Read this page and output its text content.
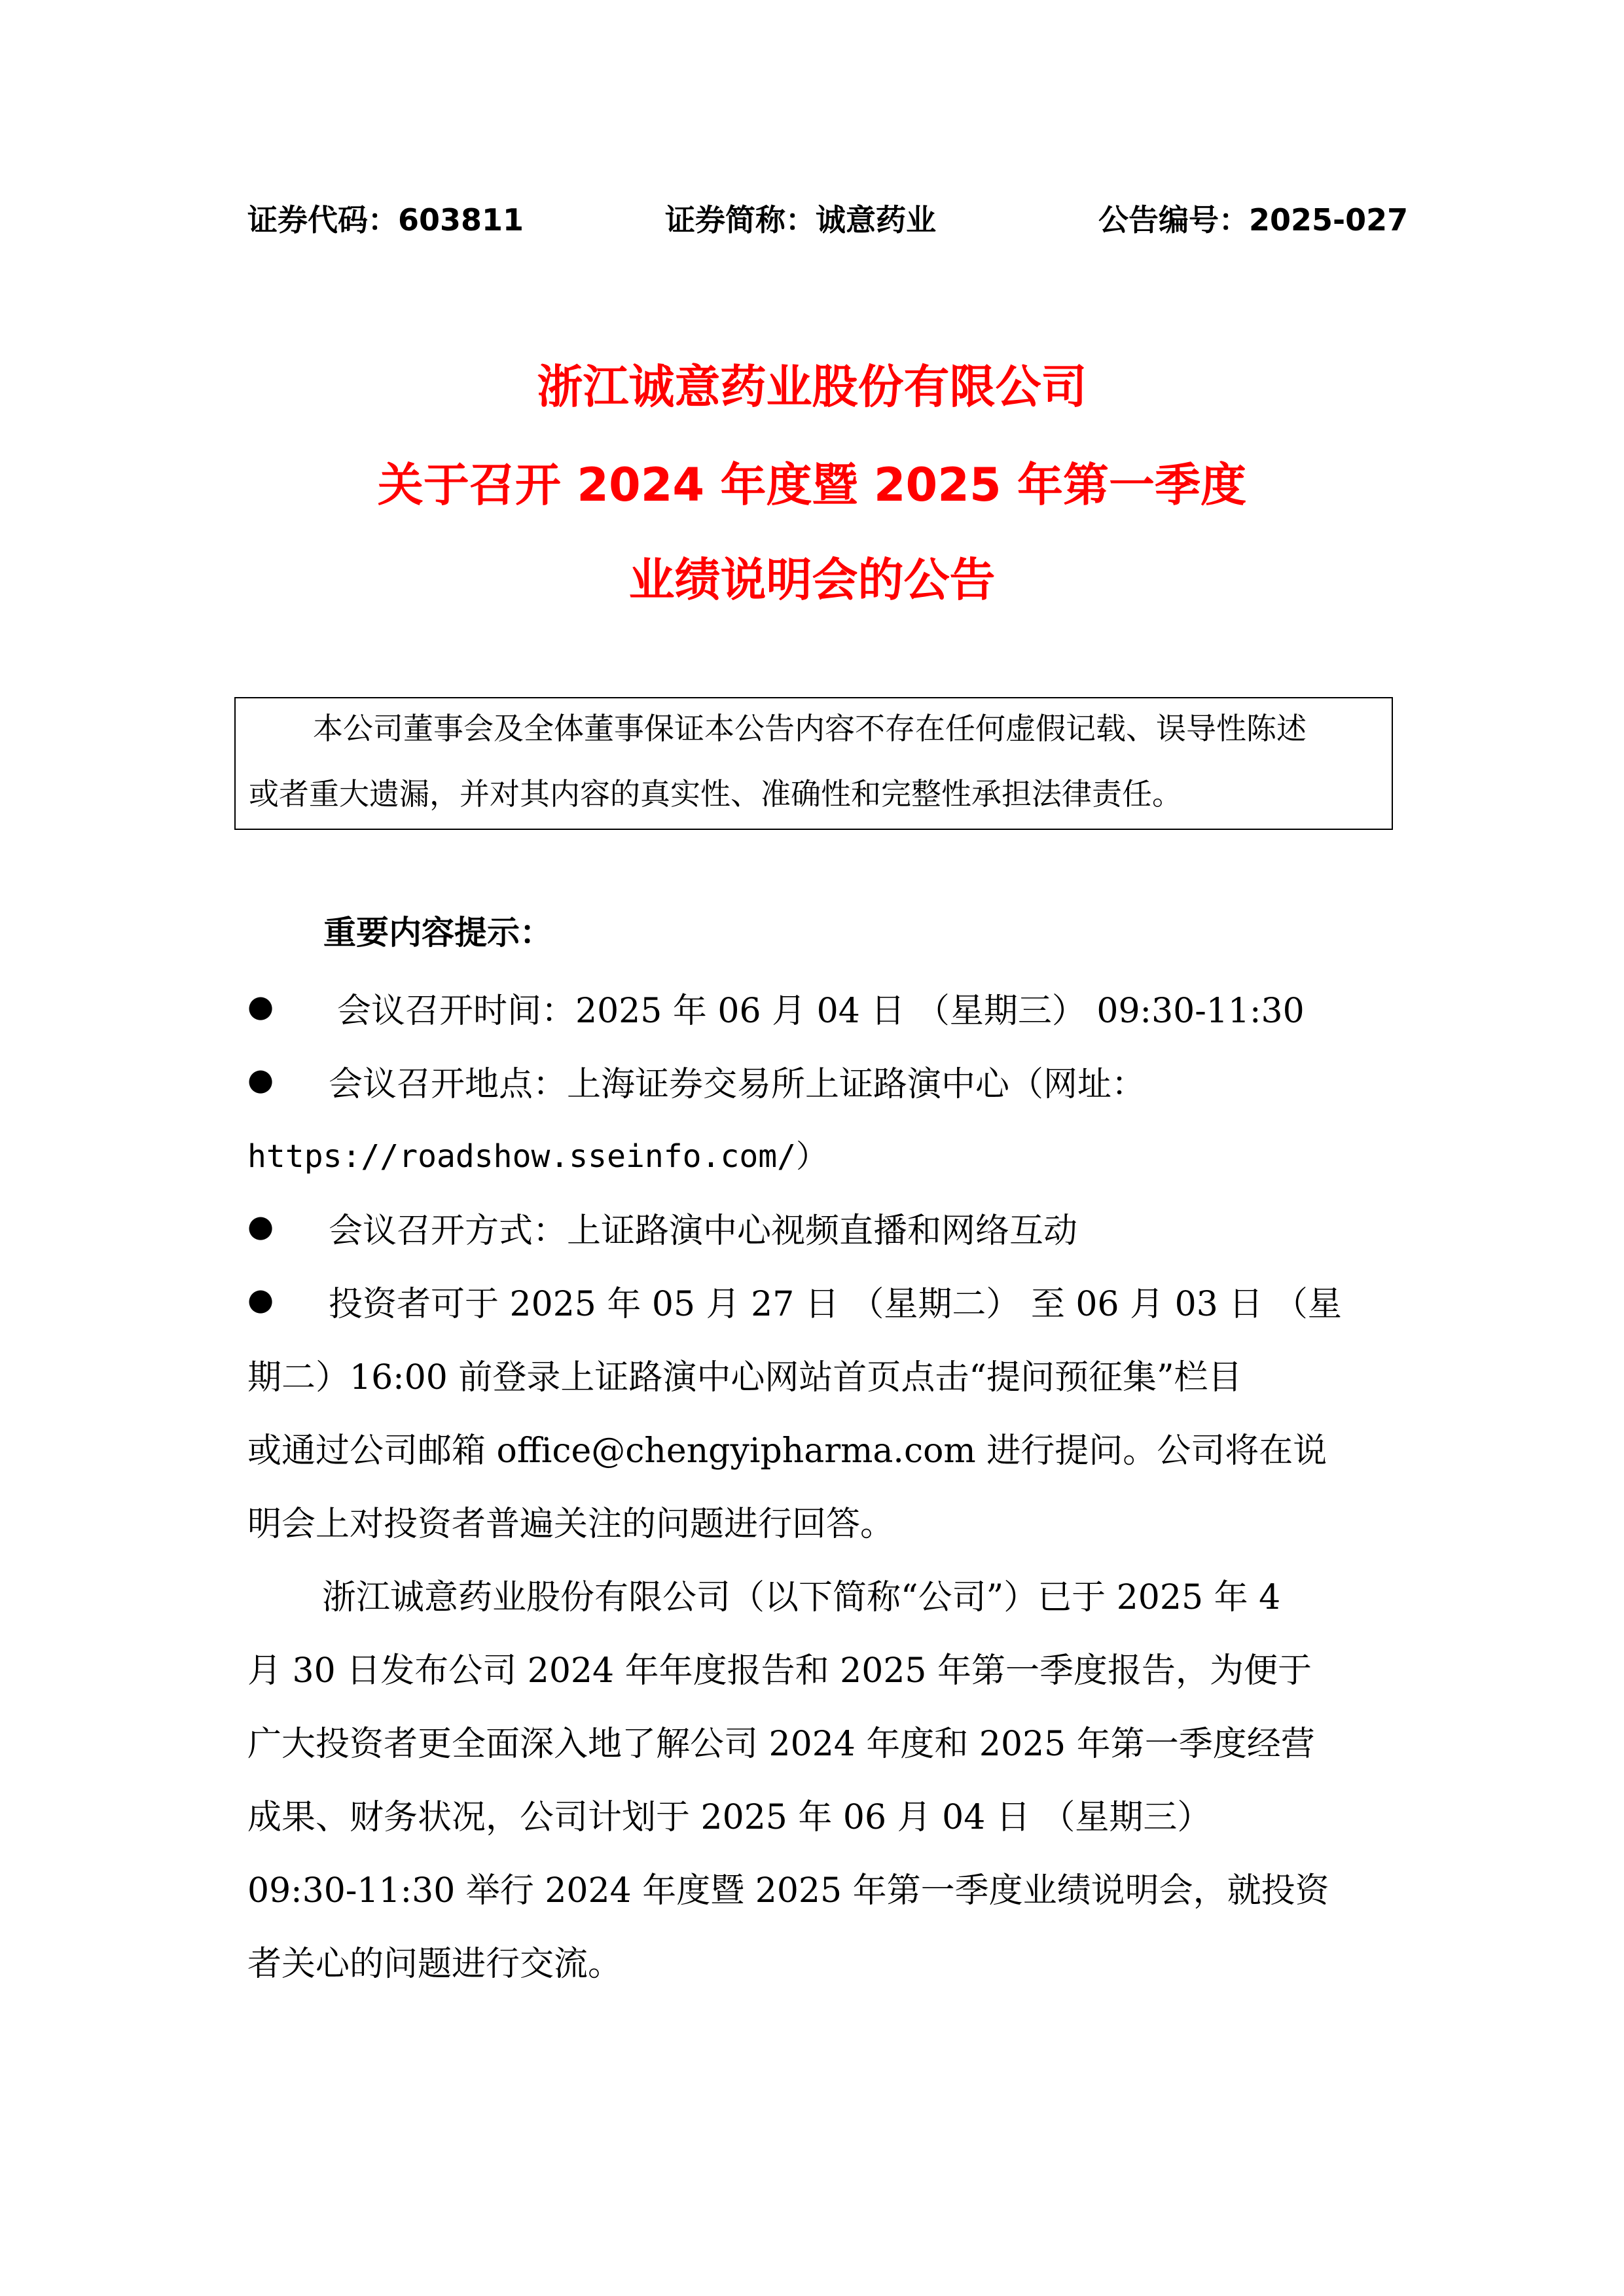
证券代码：603811	证券简称：诚意药业	公告编号：2025-027
浙江诚意药业股份有限公司
关于召开 2024 年度暨 2025 年第一季度
业绩说明会的公告
本公司董事会及全体董事保证本公告内容不存在任何虚假记载、误导性陈述
或者重大遗漏，并对其内容的真实性、准确性和完整性承担法律责任。
重要内容提示：
● 会议召开时间：2025 年 06 月 04 日 （星期三） 09:30-11:30
● 会议召开地点：上海证券交易所上证路演中心（网址：
https://roadshow.sseinfo.com/）
● 会议召开方式：上证路演中心视频直播和网络互动
● 投资者可于 2025 年 05 月 27 日 （星期二） 至 06 月 03 日 （星
期二）16:00 前登录上证路演中心网站首页点击“提问预征集”栏目
或通过公司邮箱 office@chengyipharma.com 进行提问。公司将在说
明会上对投资者普遍关注的问题进行回答。
浙江诚意药业股份有限公司（以下简称“公司”）已于 2025 年 4
月 30 日发布公司 2024 年年度报告和 2025 年第一季度报告，为便于
广大投资者更全面深入地了解公司 2024 年度和 2025 年第一季度经营
成果、财务状况，公司计划于 2025 年 06 月 04 日 （星期三）
09:30-11:30 举行 2024 年度暨 2025 年第一季度业绩说明会，就投资
者关心的问题进行交流。
